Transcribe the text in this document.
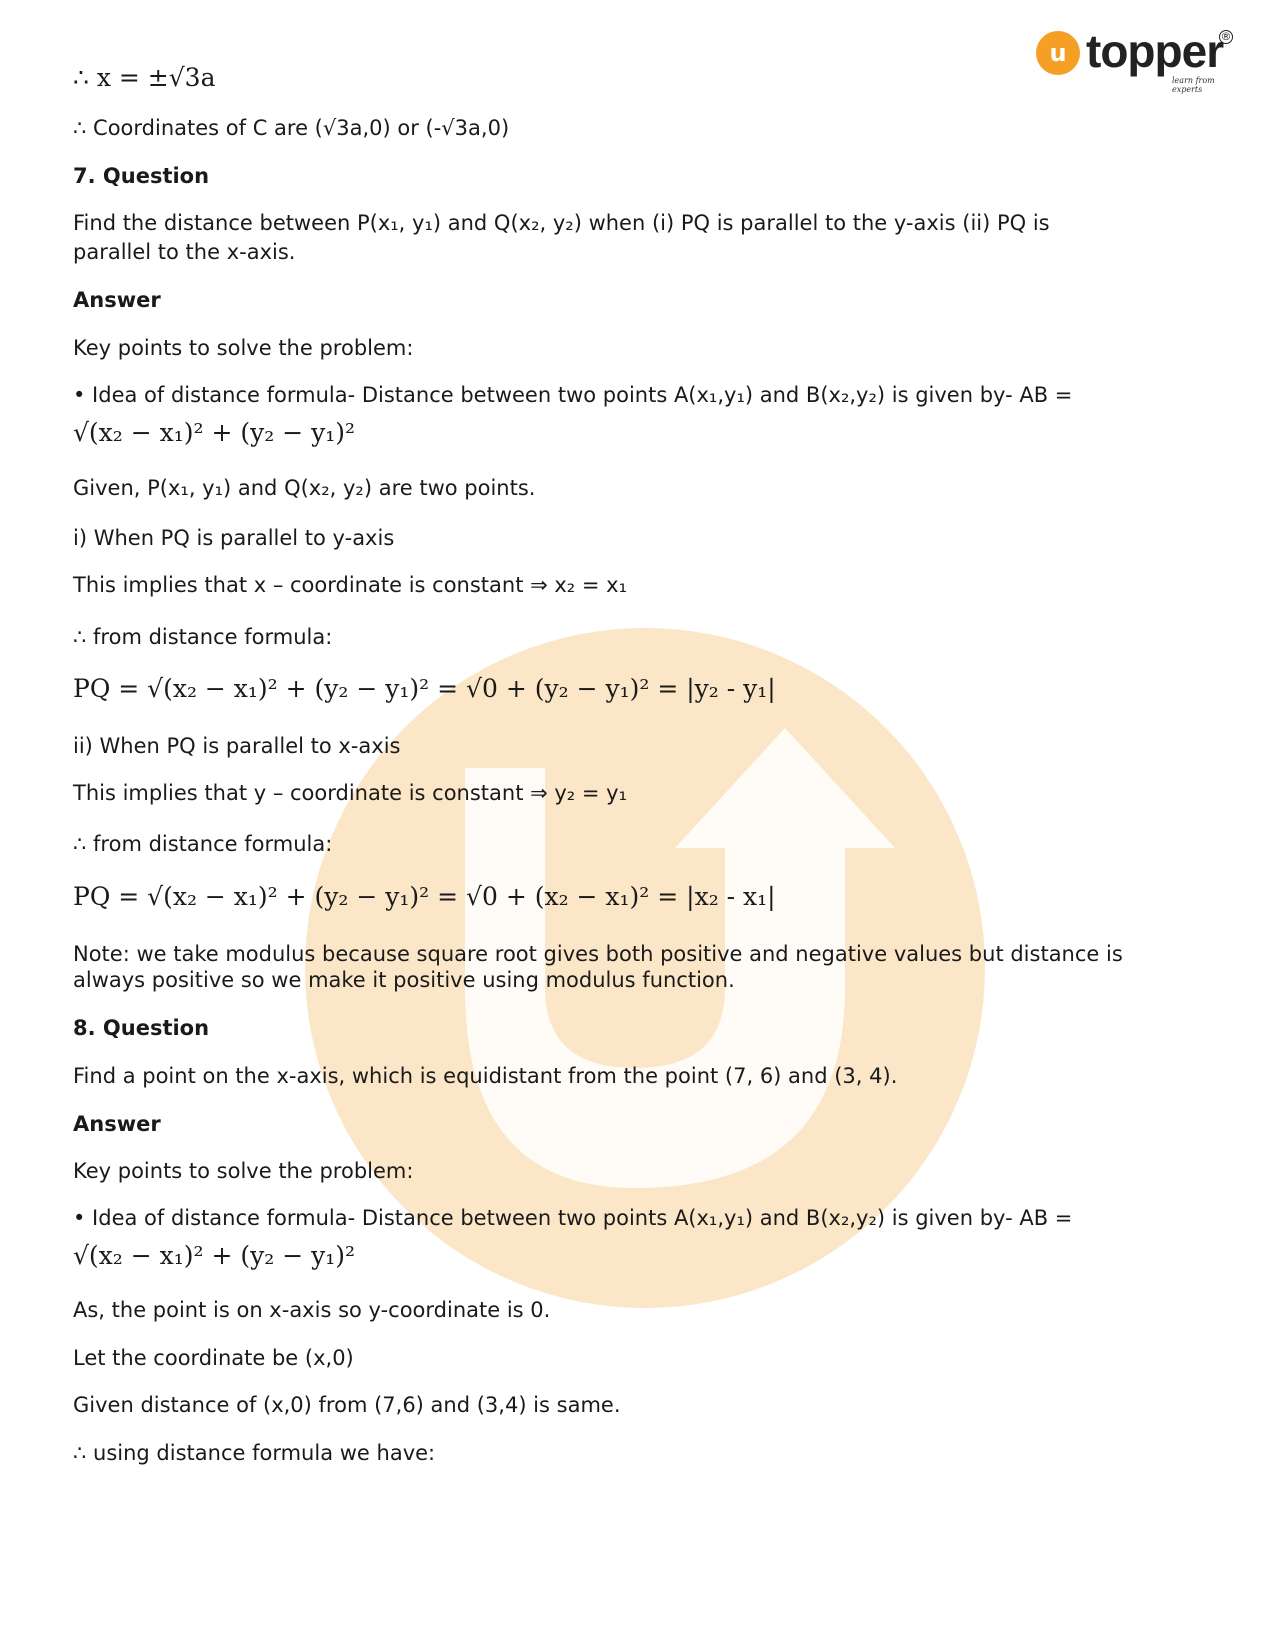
u topper
®
learn from experts
∴ x = ±√3a
∴ Coordinates of C are (√3a,0) or (-√3a,0)
7. Question
Find the distance between P(x₁, y₁) and Q(x₂, y₂) when (i) PQ is parallel to the y-axis (ii) PQ is
parallel to the x-axis.
Answer
Key points to solve the problem:
• Idea of distance formula- Distance between two points A(x₁,y₁) and B(x₂,y₂) is given by- AB =
√(x₂ − x₁)² + (y₂ − y₁)²
Given, P(x₁, y₁) and Q(x₂, y₂) are two points.
i) When PQ is parallel to y-axis
This implies that x – coordinate is constant ⇒ x₂ = x₁
∴ from distance formula:
PQ = √(x₂ − x₁)² + (y₂ − y₁)² = √0 + (y₂ − y₁)² = |y₂ - y₁|
ii) When PQ is parallel to x-axis
This implies that y – coordinate is constant ⇒ y₂ = y₁
∴ from distance formula:
PQ = √(x₂ − x₁)² + (y₂ − y₁)² = √0 + (x₂ − x₁)² = |x₂ - x₁|
Note: we take modulus because square root gives both positive and negative values but distance is
always positive so we make it positive using modulus function.
8. Question
Find a point on the x-axis, which is equidistant from the point (7, 6) and (3, 4).
Answer
Key points to solve the problem:
• Idea of distance formula- Distance between two points A(x₁,y₁) and B(x₂,y₂) is given by- AB =
√(x₂ − x₁)² + (y₂ − y₁)²
As, the point is on x-axis so y-coordinate is 0.
Let the coordinate be (x,0)
Given distance of (x,0) from (7,6) and (3,4) is same.
∴ using distance formula we have:
